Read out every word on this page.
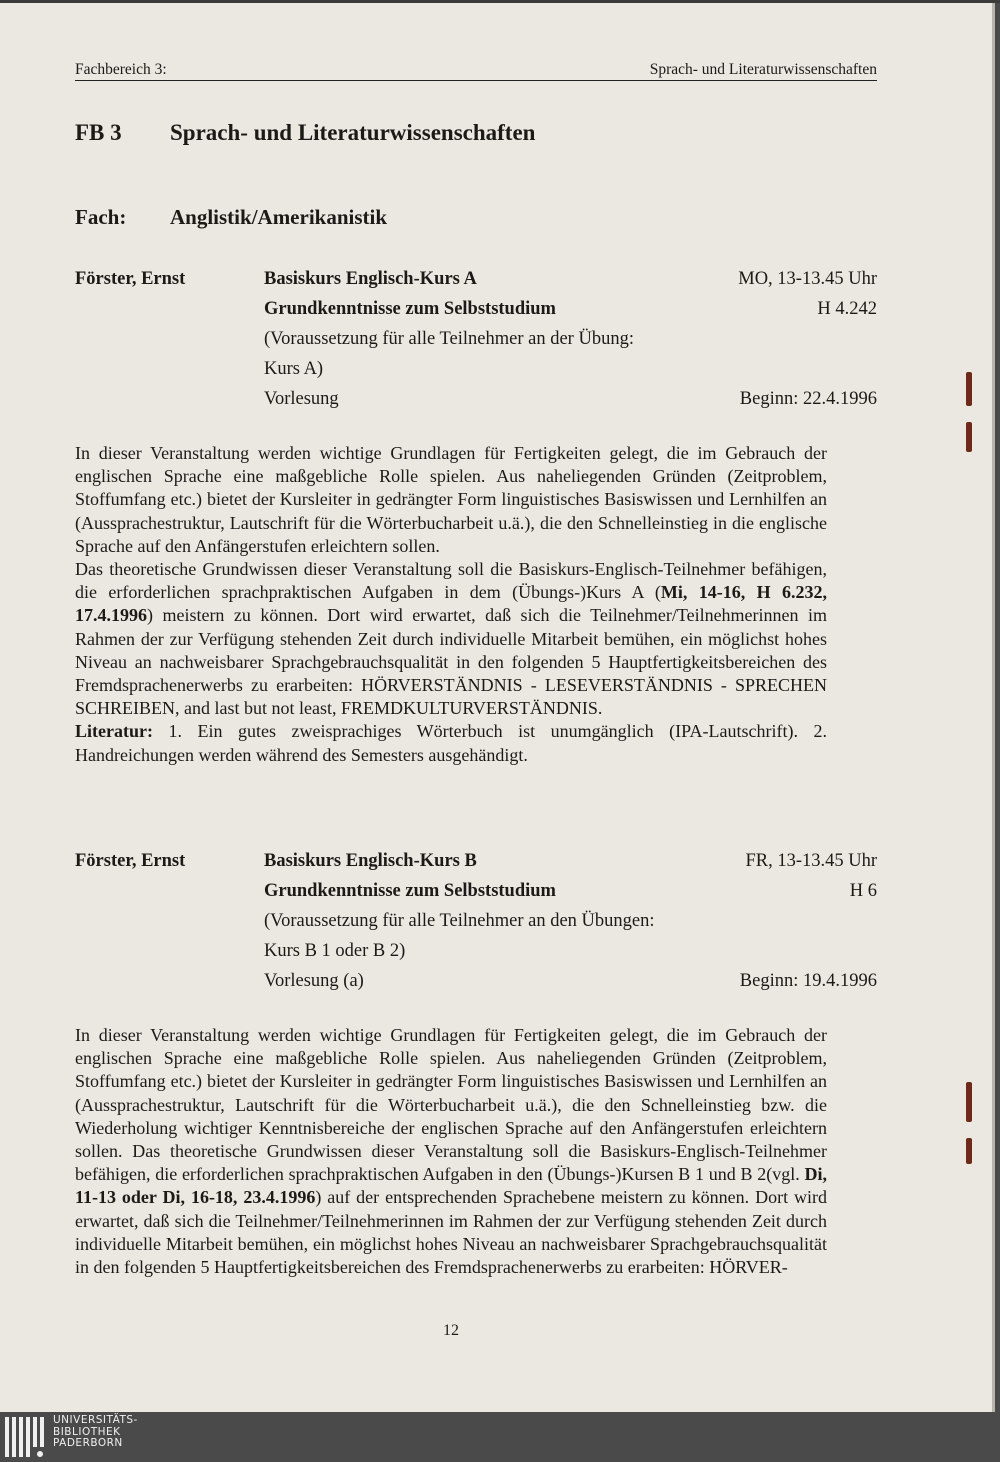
Fachbereich 3:	Sprach- und Literaturwissenschaften
FB 3 Sprach- und Literaturwissenschaften
Fach: Anglistik/Amerikanistik
Förster, Ernst	Basiskurs Englisch-Kurs A	MO, 13-13.45 Uhr
Grundkenntnisse zum Selbststudium	H 4.242
(Voraussetzung für alle Teilnehmer an der Übung:
Kurs A)
Vorlesung	Beginn: 22.4.1996

In dieser Veranstaltung werden wichtige Grundlagen für Fertigkeiten gelegt, die im Gebrauch der englischen Sprache eine maßgebliche Rolle spielen. Aus naheliegenden Gründen (Zeitproblem, Stoffumfang etc.) bietet der Kursleiter in gedrängter Form linguistisches Basiswissen und Lernhilfen an (Aussprachestruktur, Lautschrift für die Wörterbucharbeit u.ä.), die den Schnelleinstieg in die englische Sprache auf den Anfängerstufen erleichtern sollen.

Das theoretische Grundwissen dieser Veranstaltung soll die Basiskurs-Englisch-Teilnehmer befähigen, die erforderlichen sprachpraktischen Aufgaben in dem (Übungs-)Kurs A (Mi, 14-16, H 6.232, 17.4.1996) meistern zu können. Dort wird erwartet, daß sich die Teilnehmer/Teilnehmerinnen im Rahmen der zur Verfügung stehenden Zeit durch individuelle Mitarbeit bemühen, ein möglichst hohes Niveau an nachweisbarer Sprachgebrauchsqualität in den folgenden 5 Hauptfertigkeitsbereichen des Fremdsprachenerwerbs zu erarbeiten: HÖRVERSTÄNDNIS - LESEVERSTÄNDNIS - SPRECHEN SCHREIBEN, and last but not least, FREMDKULTURVERSTÄNDNIS.

Literatur: 1. Ein gutes zweisprachiges Wörterbuch ist unumgänglich (IPA-Lautschrift). 2. Handreichungen werden während des Semesters ausgehändigt.

Förster, Ernst	Basiskurs Englisch-Kurs B	FR, 13-13.45 Uhr
Grundkenntnisse zum Selbststudium	H 6
(Voraussetzung für alle Teilnehmer an den Übungen:
Kurs B 1 oder B 2)
Vorlesung (a)	Beginn: 19.4.1996

In dieser Veranstaltung werden wichtige Grundlagen für Fertigkeiten gelegt, die im Gebrauch der englischen Sprache eine maßgebliche Rolle spielen. Aus naheliegenden Gründen (Zeitproblem, Stoffumfang etc.) bietet der Kursleiter in gedrängter Form linguistisches Basiswissen und Lernhilfen an (Aussprachestruktur, Lautschrift für die Wörterbucharbeit u.ä.), die den Schnelleinstieg bzw. die Wiederholung wichtiger Kenntnisbereiche der englischen Sprache auf den Anfängerstufen erleichtern sollen. Das theoretische Grundwissen dieser Veranstaltung soll die Basiskurs-Englisch-Teilnehmer befähigen, die erforderlichen sprachpraktischen Aufgaben in den (Übungs-)Kursen B 1 und B 2(vgl. Di, 11-13 oder Di, 16-18, 23.4.1996) auf der entsprechenden Sprachebene meistern zu können. Dort wird erwartet, daß sich die Teilnehmer/Teilnehmerinnen im Rahmen der zur Verfügung stehenden Zeit durch individuelle Mitarbeit bemühen, ein möglichst hohes Niveau an nachweisbarer Sprachgebrauchsqualität in den folgenden 5 Hauptfertigkeitsbereichen des Fremdsprachenerwerbs zu erarbeiten: HÖRVER-

12
UNIVERSITÄTS-
BIBLIOTHEK
PADERBORN
